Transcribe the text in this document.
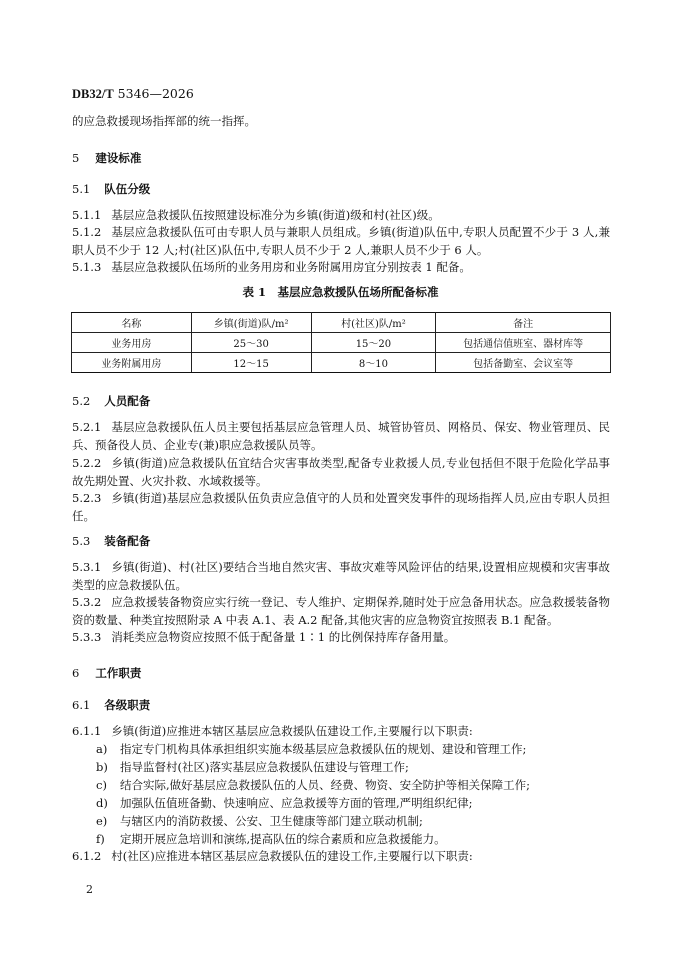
DB32/T 5346—2026
的应急救援现场指挥部的统一指挥。
5 建设标准
5.1 队伍分级
5.1.1 基层应急救援队伍按照建设标准分为乡镇(街道)级和村(社区)级。
5.1.2 基层应急救援队伍可由专职人员与兼职人员组成。乡镇(街道)队伍中,专职人员配置不少于 3 人,兼职人员不少于 12 人;村(社区)队伍中,专职人员不少于 2 人,兼职人员不少于 6 人。
5.1.3 基层应急救援队伍场所的业务用房和业务附属用房宜分别按表 1 配备。
表 1　基层应急救援队伍场所配备标准
名称	乡镇(街道)队/m²	村(社区)队/m²	备注
业务用房	25～30	15～20	包括通信值班室、器材库等
业务附属用房	12～15	8～10	包括备勤室、会议室等
5.2 人员配备
5.2.1 基层应急救援队伍人员主要包括基层应急管理人员、城管协管员、网格员、保安、物业管理员、民兵、预备役人员、企业专(兼)职应急救援队员等。
5.2.2 乡镇(街道)应急救援队伍宜结合灾害事故类型,配备专业救援人员,专业包括但不限于危险化学品事故先期处置、火灾扑救、水域救援等。
5.2.3 乡镇(街道)基层应急救援队伍负责应急值守的人员和处置突发事件的现场指挥人员,应由专职人员担任。
5.3 装备配备
5.3.1 乡镇(街道)、村(社区)要结合当地自然灾害、事故灾难等风险评估的结果,设置相应规模和灾害事故类型的应急救援队伍。
5.3.2 应急救援装备物资应实行统一登记、专人维护、定期保养,随时处于应急备用状态。应急救援装备物资的数量、种类宜按照附录 A 中表 A.1、表 A.2 配备,其他灾害的应急物资宜按照表 B.1 配备。
5.3.3 消耗类应急物资应按照不低于配备量 1∶1 的比例保持库存备用量。
6 工作职责
6.1 各级职责
6.1.1 乡镇(街道)应推进本辖区基层应急救援队伍建设工作,主要履行以下职责:
a) 指定专门机构具体承担组织实施本级基层应急救援队伍的规划、建设和管理工作;
b) 指导监督村(社区)落实基层应急救援队伍建设与管理工作;
c) 结合实际,做好基层应急救援队伍的人员、经费、物资、安全防护等相关保障工作;
d) 加强队伍值班备勤、快速响应、应急救援等方面的管理,严明组织纪律;
e) 与辖区内的消防救援、公安、卫生健康等部门建立联动机制;
f) 定期开展应急培训和演练,提高队伍的综合素质和应急救援能力。
6.1.2 村(社区)应推进本辖区基层应急救援队伍的建设工作,主要履行以下职责:
2
